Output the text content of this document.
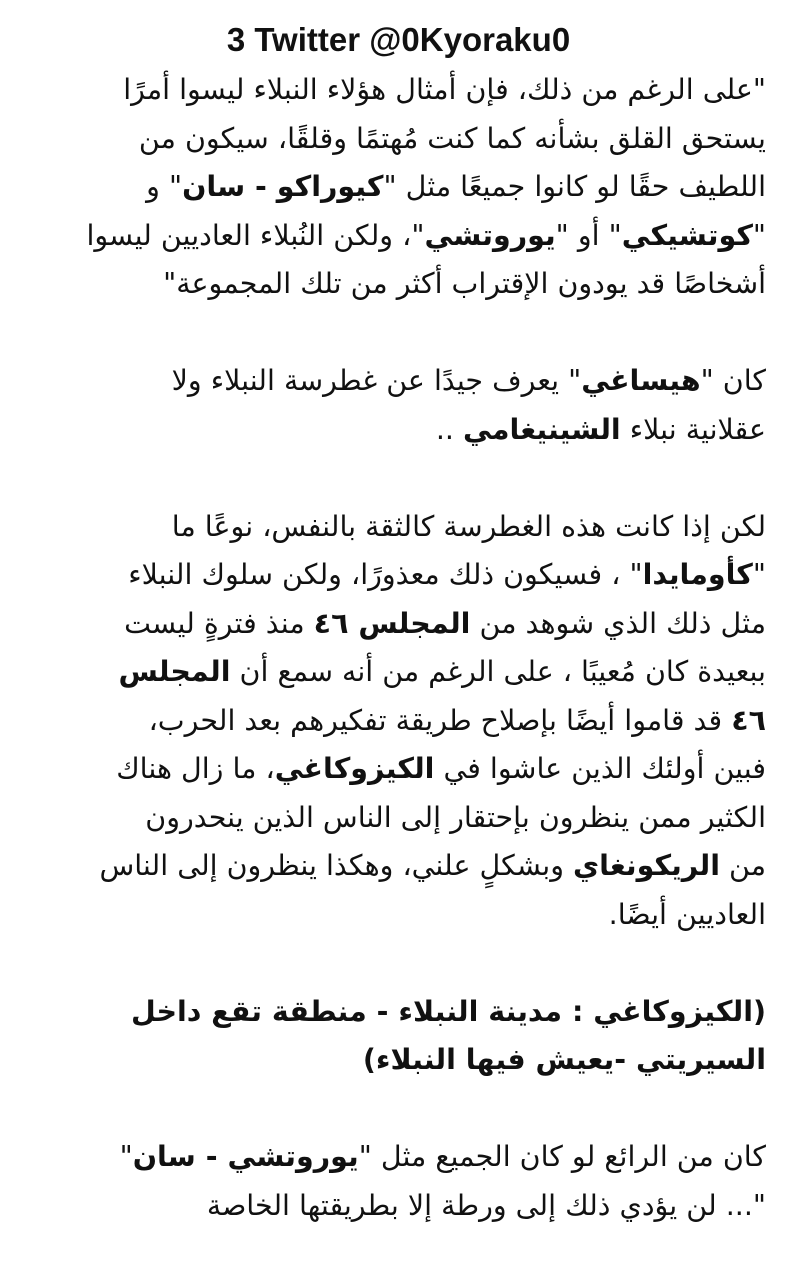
3 Twitter @0Kyoraku0
"على الرغم من ذلك، فإن أمثال هؤلاء النبلاء ليسوا أمرًا
يستحق القلق بشأنه كما كنت مُهتمًا وقلقًا، سيكون من
اللطيف حقًا لو كانوا جميعًا مثل "كيوراكو - سان" و
"كوتشيكي" أو "يوروتشي"، ولكن النُبلاء العاديين ليسوا
أشخاصًا قد يودون الإقتراب أكثر من تلك المجموعة"
كان "هيساغي" يعرف جيدًا عن غطرسة النبلاء ولا
عقلانية نبلاء الشينيغامي ..
لكن إذا كانت هذه الغطرسة كالثقة بالنفس، نوعًا ما
"كأومايدا" ، فسيكون ذلك معذورًا، ولكن سلوك النبلاء
مثل ذلك الذي شوهد من المجلس ٤٦ منذ فترةٍ ليست
ببعيدة كان مُعيبًا ، على الرغم من أنه سمع أن المجلس
٤٦ قد قاموا أيضًا بإصلاح طريقة تفكيرهم بعد الحرب،
فبين أولئك الذين عاشوا في الكيزوكاغي، ما زال هناك
الكثير ممن ينظرون بإحتقار إلى الناس الذين ينحدرون
من الريكونغاي وبشكلٍ علني، وهكذا ينظرون إلى الناس
العاديين أيضًا.
(الكيزوكاغي : مدينة النبلاء - منطقة تقع داخل
السيريتي -يعيش فيها النبلاء)
كان من الرائع لو كان الجميع مثل "يوروتشي - سان"
"... لن يؤدي ذلك إلى ورطة إلا بطريقتها الخاصة
